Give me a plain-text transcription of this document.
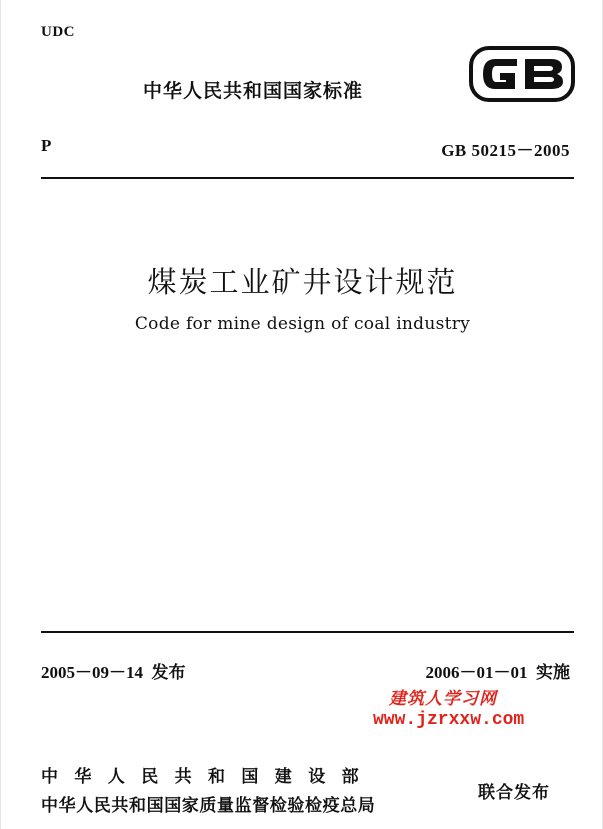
UDC
中华人民共和国国家标准
P	GB 50215－2005
煤炭工业矿井设计规范
Code for mine design of coal industry
2005－09－14 发布	2006－01－01 实施
建筑人学习网
www.jzrxxw.com
中华人民共和国建设部
中华人民共和国国家质量监督检验检疫总局
联合发布
